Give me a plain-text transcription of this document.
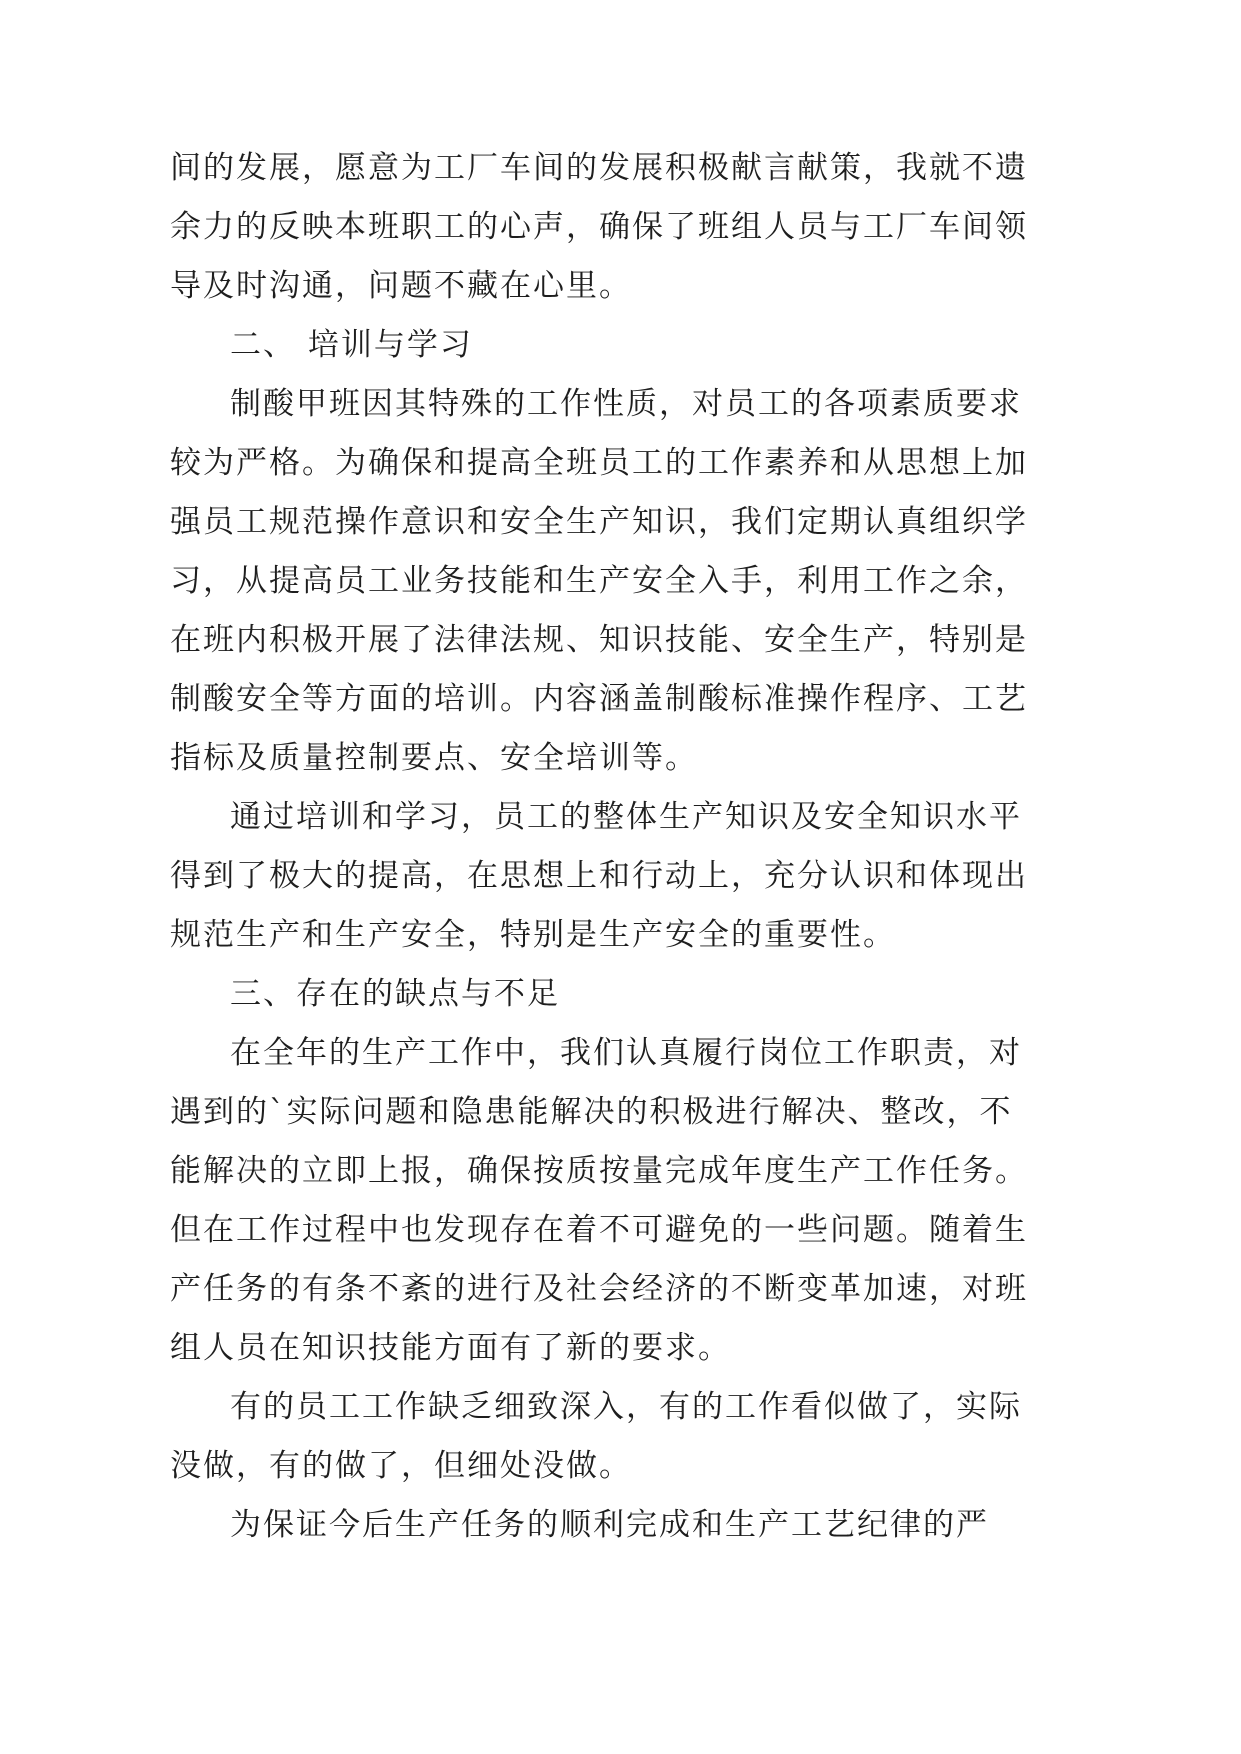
间的发展，愿意为工厂车间的发展积极献言献策，我就不遗
余力的反映本班职工的心声，确保了班组人员与工厂车间领
导及时沟通，问题不藏在心里。
二、 培训与学习
制酸甲班因其特殊的工作性质，对员工的各项素质要求
较为严格。为确保和提高全班员工的工作素养和从思想上加
强员工规范操作意识和安全生产知识，我们定期认真组织学
习，从提高员工业务技能和生产安全入手，利用工作之余，
在班内积极开展了法律法规、知识技能、安全生产，特别是
制酸安全等方面的培训。内容涵盖制酸标准操作程序、工艺
指标及质量控制要点、安全培训等。
通过培训和学习，员工的整体生产知识及安全知识水平
得到了极大的提高，在思想上和行动上，充分认识和体现出
规范生产和生产安全，特别是生产安全的重要性。
三、存在的缺点与不足
在全年的生产工作中，我们认真履行岗位工作职责，对
遇到的`实际问题和隐患能解决的积极进行解决、整改，不
能解决的立即上报，确保按质按量完成年度生产工作任务。
但在工作过程中也发现存在着不可避免的一些问题。随着生
产任务的有条不紊的进行及社会经济的不断变革加速，对班
组人员在知识技能方面有了新的要求。
有的员工工作缺乏细致深入，有的工作看似做了，实际
没做，有的做了，但细处没做。
为保证今后生产任务的顺利完成和生产工艺纪律的严
